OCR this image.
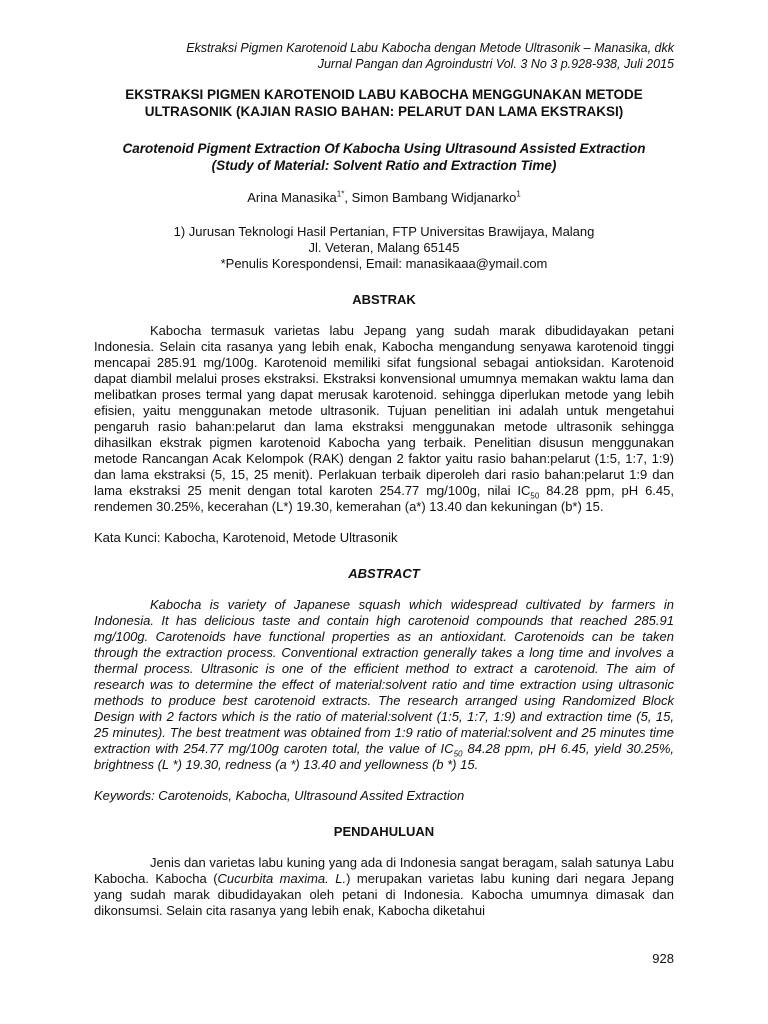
Ekstraksi Pigmen Karotenoid Labu Kabocha dengan Metode Ultrasonik – Manasika, dkk
Jurnal Pangan dan Agroindustri Vol. 3 No 3 p.928-938, Juli 2015
EKSTRAKSI PIGMEN KAROTENOID LABU KABOCHA MENGGUNAKAN METODE ULTRASONIK (KAJIAN RASIO BAHAN: PELARUT DAN LAMA EKSTRAKSI)
Carotenoid Pigment Extraction Of Kabocha Using Ultrasound Assisted Extraction (Study of Material: Solvent Ratio and Extraction Time)
Arina Manasika$^{1*}$, Simon Bambang Widjanarko$^1$
1) Jurusan Teknologi Hasil Pertanian, FTP Universitas Brawijaya, Malang
Jl. Veteran, Malang 65145
*Penulis Korespondensi, Email: manasikaaa@ymail.com
ABSTRAK

Kabocha termasuk varietas labu Jepang yang sudah marak dibudidayakan petani Indonesia. Selain cita rasanya yang lebih enak, Kabocha mengandung senyawa karotenoid tinggi mencapai 285.91 mg/100g. Karotenoid memiliki sifat fungsional sebagai antioksidan. Karotenoid dapat diambil melalui proses ekstraksi. Ekstraksi konvensional umumnya memakan waktu lama dan melibatkan proses termal yang dapat merusak karotenoid. sehingga diperlukan metode yang lebih efisien, yaitu menggunakan metode ultrasonik. Tujuan penelitian ini adalah untuk mengetahui pengaruh rasio bahan:pelarut dan lama ekstraksi menggunakan metode ultrasonik sehingga dihasilkan ekstrak pigmen karotenoid Kabocha yang terbaik. Penelitian disusun menggunakan metode Rancangan Acak Kelompok (RAK) dengan 2 faktor yaitu rasio bahan:pelarut (1:5, 1:7, 1:9) dan lama ekstraksi (5, 15, 25 menit). Perlakuan terbaik diperoleh dari rasio bahan:pelarut 1:9 dan lama ekstraksi 25 menit dengan total karoten 254.77 mg/100g, nilai $IC_{50}$ 84.28 ppm, pH 6.45, rendemen 30.25%, kecerahan (L*) 19.30, kemerahan (a*) 13.40 dan kekuningan (b*) 15.

Kata Kunci: Kabocha, Karotenoid, Metode Ultrasonik
ABSTRACT

Kabocha is variety of Japanese squash which widespread cultivated by farmers in Indonesia. It has delicious taste and contain high carotenoid compounds that reached 285.91 mg/100g. Carotenoids have functional properties as an antioxidant. Carotenoids can be taken through the extraction process. Conventional extraction generally takes a long time and involves a thermal process. Ultrasonic is one of the efficient method to extract a carotenoid. The aim of research was to determine the effect of material:solvent ratio and time extraction using ultrasonic methods to produce best carotenoid extracts. The research arranged using Randomized Block Design with 2 factors which is the ratio of material:solvent (1:5, 1:7, 1:9) and extraction time (5, 15, 25 minutes). The best treatment was obtained from 1:9 ratio of material:solvent and 25 minutes time extraction with 254.77 mg/100g caroten total, the value of $IC_{50}$ 84.28 ppm, pH 6.45, yield 30.25%, brightness (L *) 19.30, redness (a *) 13.40 and yellowness (b *) 15.

Keywords: Carotenoids, Kabocha, Ultrasound Assited Extraction
PENDAHULUAN

Jenis dan varietas labu kuning yang ada di Indonesia sangat beragam, salah satunya Labu Kabocha. Kabocha (Cucurbita maxima. L.) merupakan varietas labu kuning dari negara Jepang yang sudah marak dibudidayakan oleh petani di Indonesia. Kabocha umumnya dimasak dan dikonsumsi. Selain cita rasanya yang lebih enak, Kabocha diketahui

928
